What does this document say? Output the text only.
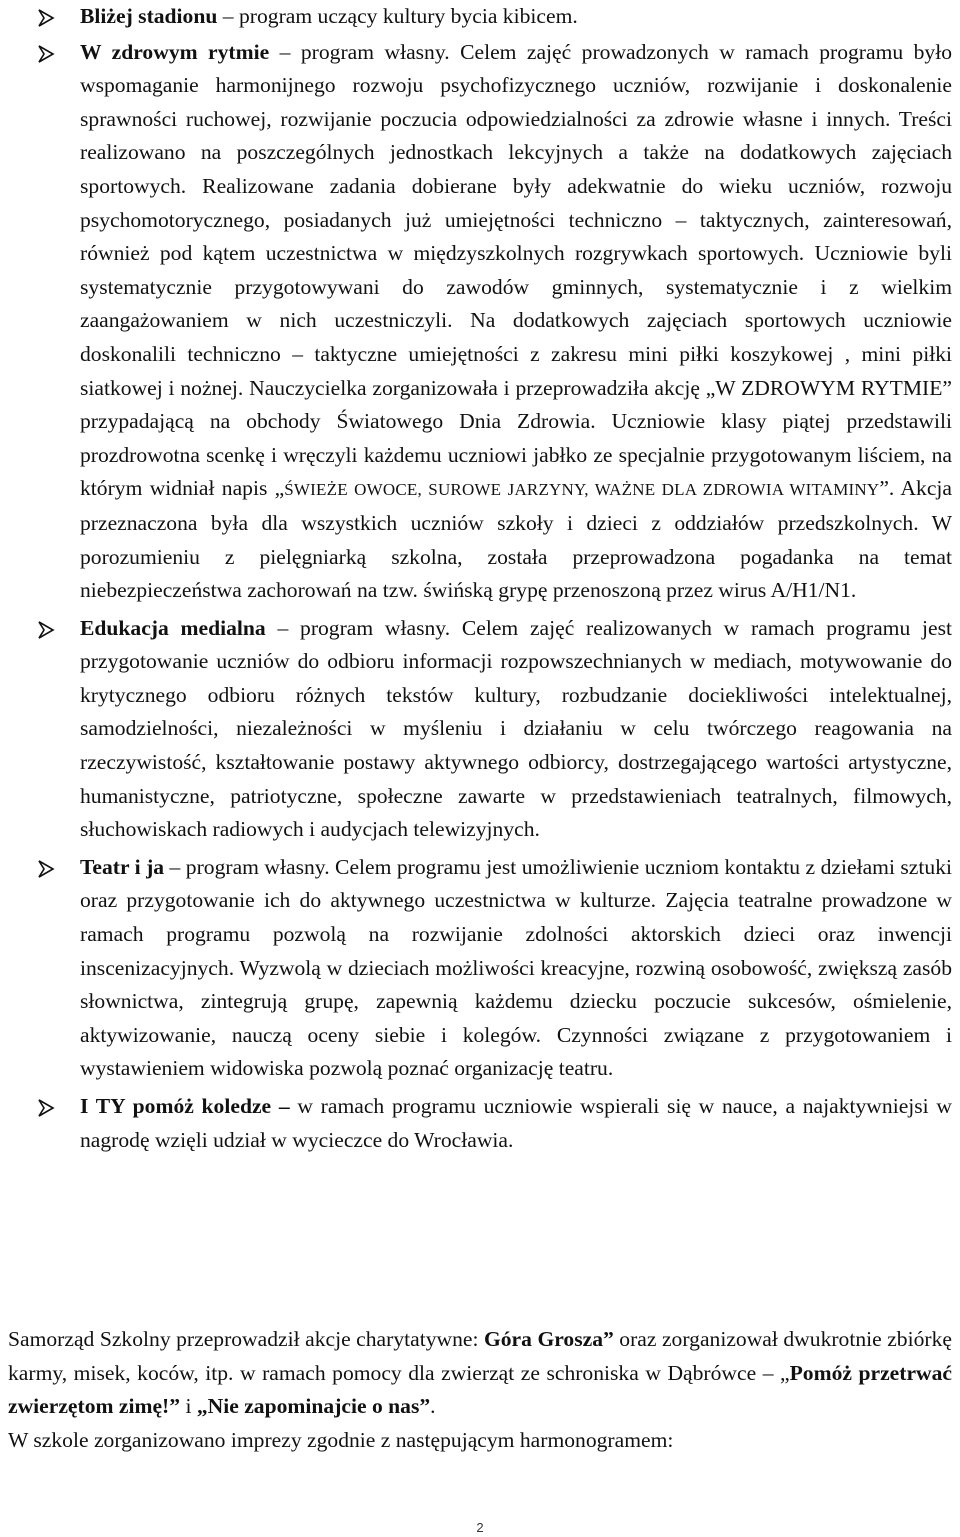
Bliżej stadionu – program uczący kultury bycia kibicem.

W zdrowym rytmie – program własny. Celem zajęć prowadzonych w ramach programu było wspomaganie harmonijnego rozwoju psychofizycznego uczniów, rozwijanie i doskonalenie sprawności ruchowej, rozwijanie poczucia odpowiedzialności za zdrowie własne i innych. Treści realizowano na poszczególnych jednostkach lekcyjnych a także na dodatkowych zajęciach sportowych. Realizowane zadania dobierane były adekwatnie do wieku uczniów, rozwoju psychomotorycznego, posiadanych już umiejętności techniczno – taktycznych, zainteresowań, również pod kątem uczestnictwa w międzyszkolnych rozgrywkach sportowych. Uczniowie byli systematycznie przygotowywani do zawodów gminnych, systematycznie i z wielkim zaangażowaniem w nich uczestniczyli. Na dodatkowych zajęciach sportowych uczniowie doskonalili techniczno – taktyczne umiejętności z zakresu mini piłki koszykowej , mini piłki siatkowej i nożnej. Nauczycielka zorganizowała i przeprowadziła akcję „W ZDROWYM RYTMIE” przypadającą na obchody Światowego Dnia Zdrowia. Uczniowie klasy piątej przedstawili prozdrowotna scenkę i wręczyli każdemu uczniowi jabłko ze specjalnie przygotowanym liściem, na którym widniał napis „ŚWIEŻE OWOCE, SUROWE JARZYNY, WAŻNE DLA ZDROWIA WITAMINY”. Akcja przeznaczona była dla wszystkich uczniów szkoły i dzieci z oddziałów przedszkolnych. W porozumieniu z pielęgniarką szkolna, została przeprowadzona pogadanka na temat niebezpieczeństwa zachorowań na tzw. świńską grypę przenoszoną przez wirus A/H1/N1.

Edukacja medialna – program własny. Celem zajęć realizowanych w ramach programu jest przygotowanie uczniów do odbioru informacji rozpowszechnianych w mediach, motywowanie do krytycznego odbioru różnych tekstów kultury, rozbudzanie dociekliwości intelektualnej, samodzielności, niezależności w myśleniu i działaniu w celu twórczego reagowania na rzeczywistość, kształtowanie postawy aktywnego odbiorcy, dostrzegającego wartości artystyczne, humanistyczne, patriotyczne, społeczne zawarte w przedstawieniach teatralnych, filmowych, słuchowiskach radiowych i audycjach telewizyjnych.

Teatr i ja – program własny. Celem programu jest umożliwienie uczniom kontaktu z dziełami sztuki oraz przygotowanie ich do aktywnego uczestnictwa w kulturze. Zajęcia teatralne prowadzone w ramach programu pozwolą na rozwijanie zdolności aktorskich dzieci oraz inwencji inscenizacyjnych. Wyzwolą w dzieciach możliwości kreacyjne, rozwiną osobowość, zwiększą zasób słownictwa, zintegrują grupę, zapewnią każdemu dziecku poczucie sukcesów, ośmielenie, aktywizowanie, nauczą oceny siebie i kolegów. Czynności związane z przygotowaniem i wystawieniem widowiska pozwolą poznać organizację teatru.

I TY pomóż koledze – w ramach programu uczniowie wspierali się w nauce, a najaktywniejsi w nagrodę wzięli udział w wycieczce do Wrocławia.

Samorząd Szkolny przeprowadził akcje charytatywne: Góra Grosza” oraz zorganizował dwukrotnie zbiórkę karmy, misek, koców, itp. w ramach pomocy dla zwierząt ze schroniska w Dąbrówce – „Pomóż przetrwać zwierzętom zimę!” i „Nie zapominajcie o nas”.

W szkole zorganizowano imprezy zgodnie z następującym harmonogramem:

2
